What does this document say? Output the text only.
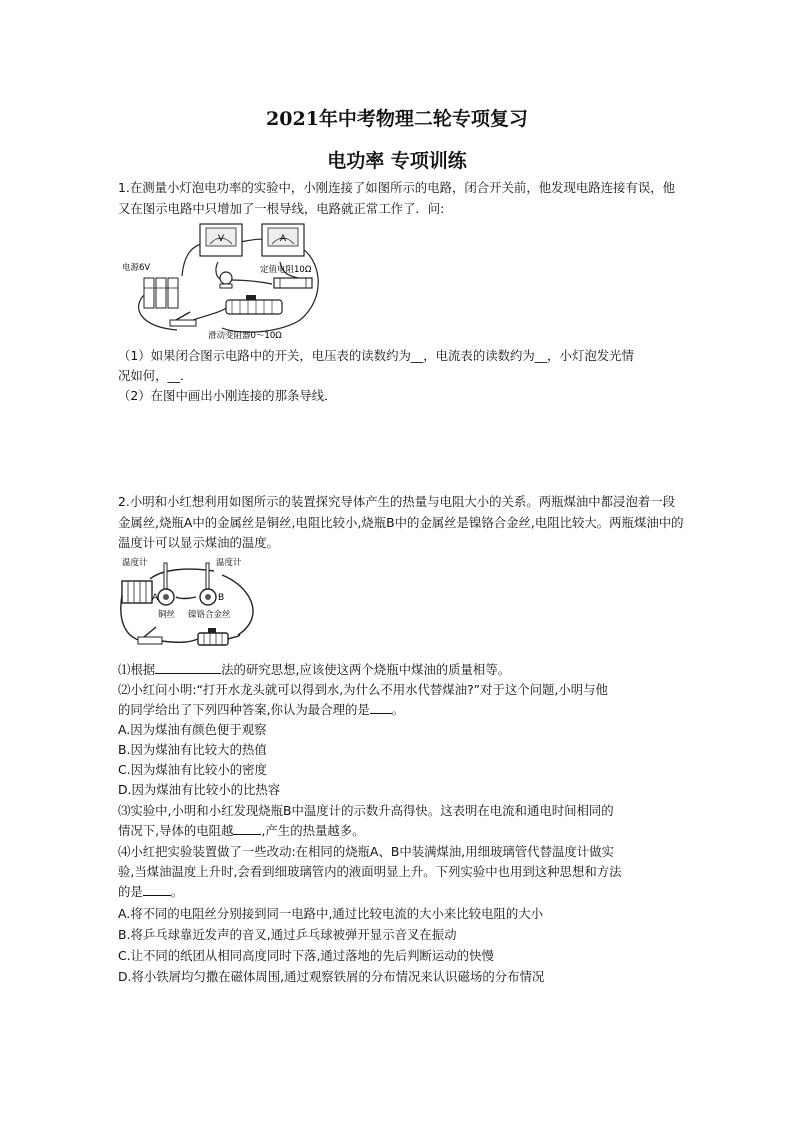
2021年中考物理二轮专项复习
电功率 专项训练

1.在测量小灯泡电功率的实验中，小刚连接了如图所示的电路，闭合开关前，他发现电路连接有误，他又在图示电路中只增加了一根导线，电路就正常工作了．问:

V	A
电源6V	定值电阻10Ω
滑动变阻器0～10Ω
（1）如果闭合图示电路中的开关，电压表的读数约为__，电流表的读数约为__，小灯泡发光情
况如何，__．
（2）在图中画出小刚连接的那条导线．

2.小明和小红想利用如图所示的装置探究导体产生的热量与电阻大小的关系。两瓶煤油中都浸泡着一段金属丝,烧瓶A中的金属丝是铜丝,电阻比较小,烧瓶B中的金属丝是镍铬合金丝,电阻比较大。两瓶煤油中的温度计可以显示煤油的温度。

温度计	温度计
A	B
铜丝 镍铬合金丝
⑴根据	法的研究思想,应该使这两个烧瓶中煤油的质量相等。
⑵小红问小明:“打开水龙头就可以得到水,为什么不用水代替煤油?”对于这个问题,小明与他
的同学给出了下列四种答案,你认为最合理的是 。
A.因为煤油有颜色便于观察
B.因为煤油有比较大的热值
C.因为煤油有比较小的密度
D.因为煤油有比较小的比热容
⑶实验中,小明和小红发现烧瓶B中温度计的示数升高得快。这表明在电流和通电时间相同的
情况下,导体的电阻越 ,产生的热量越多。
⑷小红把实验装置做了一些改动:在相同的烧瓶A、B中装满煤油,用细玻璃管代替温度计做实
验,当煤油温度上升时,会看到细玻璃管内的液面明显上升。下列实验中也用到这种思想和方法
的是 。
A.将不同的电阻丝分别接到同一电路中,通过比较电流的大小来比较电阻的大小
B.将乒乓球靠近发声的音叉,通过乒乓球被弹开显示音叉在振动
C.让不同的纸团从相同高度同时下落,通过落地的先后判断运动的快慢
D.将小铁屑均匀撒在磁体周围,通过观察铁屑的分布情况来认识磁场的分布情况
